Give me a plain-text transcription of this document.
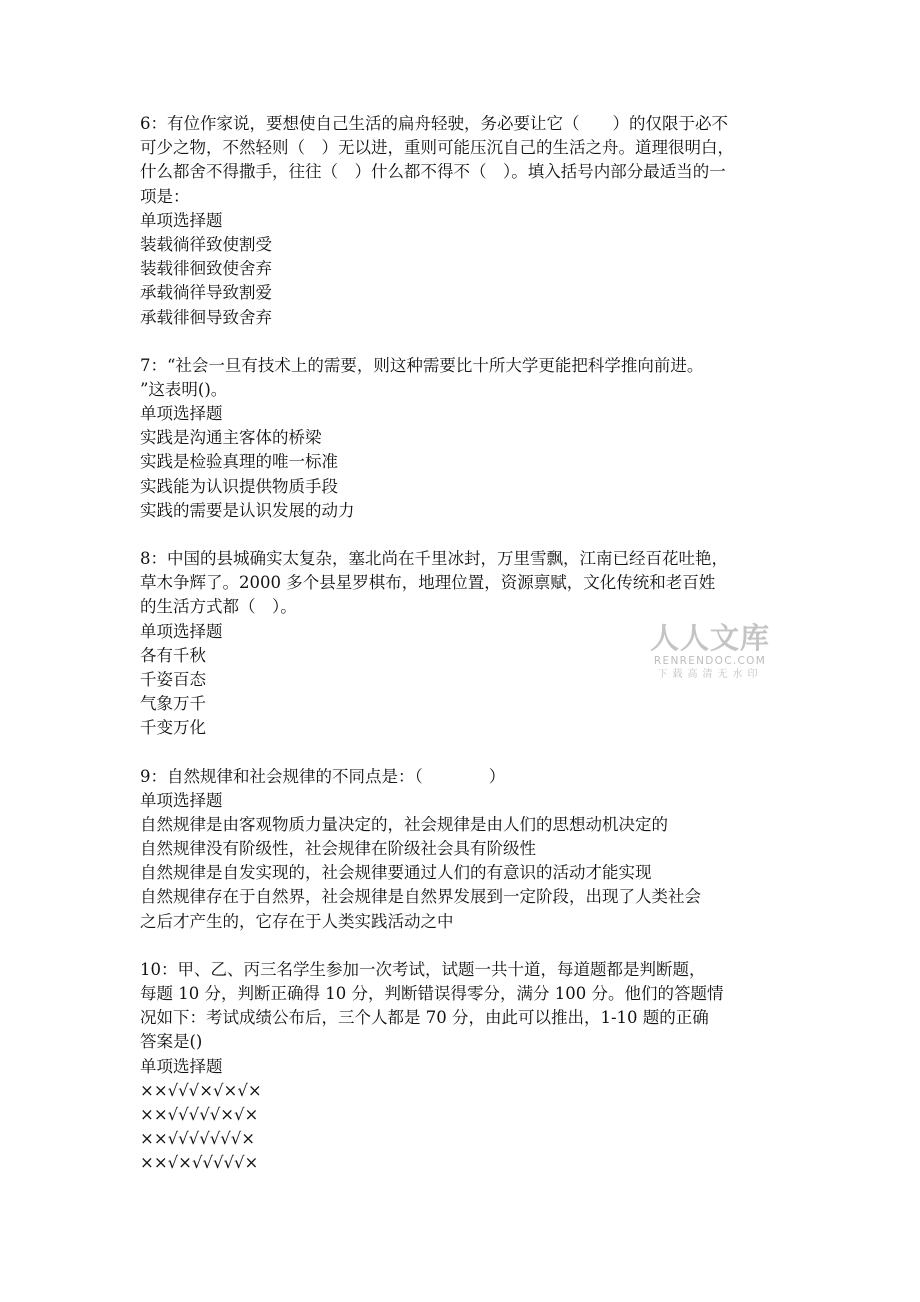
6：有位作家说，要想使自己生活的扁舟轻驶，务必要让它（　　）的仅限于必不
可少之物，不然轻则（　）无以进，重则可能压沉自己的生活之舟。道理很明白，
什么都舍不得撒手，往往（　）什么都不得不（　）。填入括号内部分最适当的一
项是：
单项选择题
装载徜徉致使割受
装载徘徊致使舍弃
承载徜徉导致割爱
承载徘徊导致舍弃
7：“社会一旦有技术上的需要，则这种需要比十所大学更能把科学推向前进。
”这表明()。
单项选择题
实践是沟通主客体的桥梁
实践是检验真理的唯一标准
实践能为认识提供物质手段
实践的需要是认识发展的动力
8：中国的县城确实太复杂，塞北尚在千里冰封，万里雪飘，江南已经百花吐艳，
草木争辉了。2000 多个县星罗棋布，地理位置，资源禀赋，文化传统和老百姓
的生活方式都（　）。
单项选择题
各有千秋
千姿百态
气象万千
千变万化
9：自然规律和社会规律的不同点是：（　　　　）
单项选择题
自然规律是由客观物质力量决定的，社会规律是由人们的思想动机决定的
自然规律没有阶级性，社会规律在阶级社会具有阶级性
自然规律是自发实现的，社会规律要通过人们的有意识的活动才能实现
自然规律存在于自然界，社会规律是自然界发展到一定阶段，出现了人类社会
之后才产生的，它存在于人类实践活动之中
10：甲、乙、丙三名学生参加一次考试，试题一共十道，每道题都是判断题，
每题 10 分，判断正确得 10 分，判断错误得零分，满分 100 分。他们的答题情
况如下：考试成绩公布后，三个人都是 70 分，由此可以推出，1-10 题的正确
答案是()
单项选择题
××√√√×√×√×
××√√√√√×√×
××√√√√√√√×
××√×√√√√√×
人人文库
RENRENDOC.COM
下载高清无水印
